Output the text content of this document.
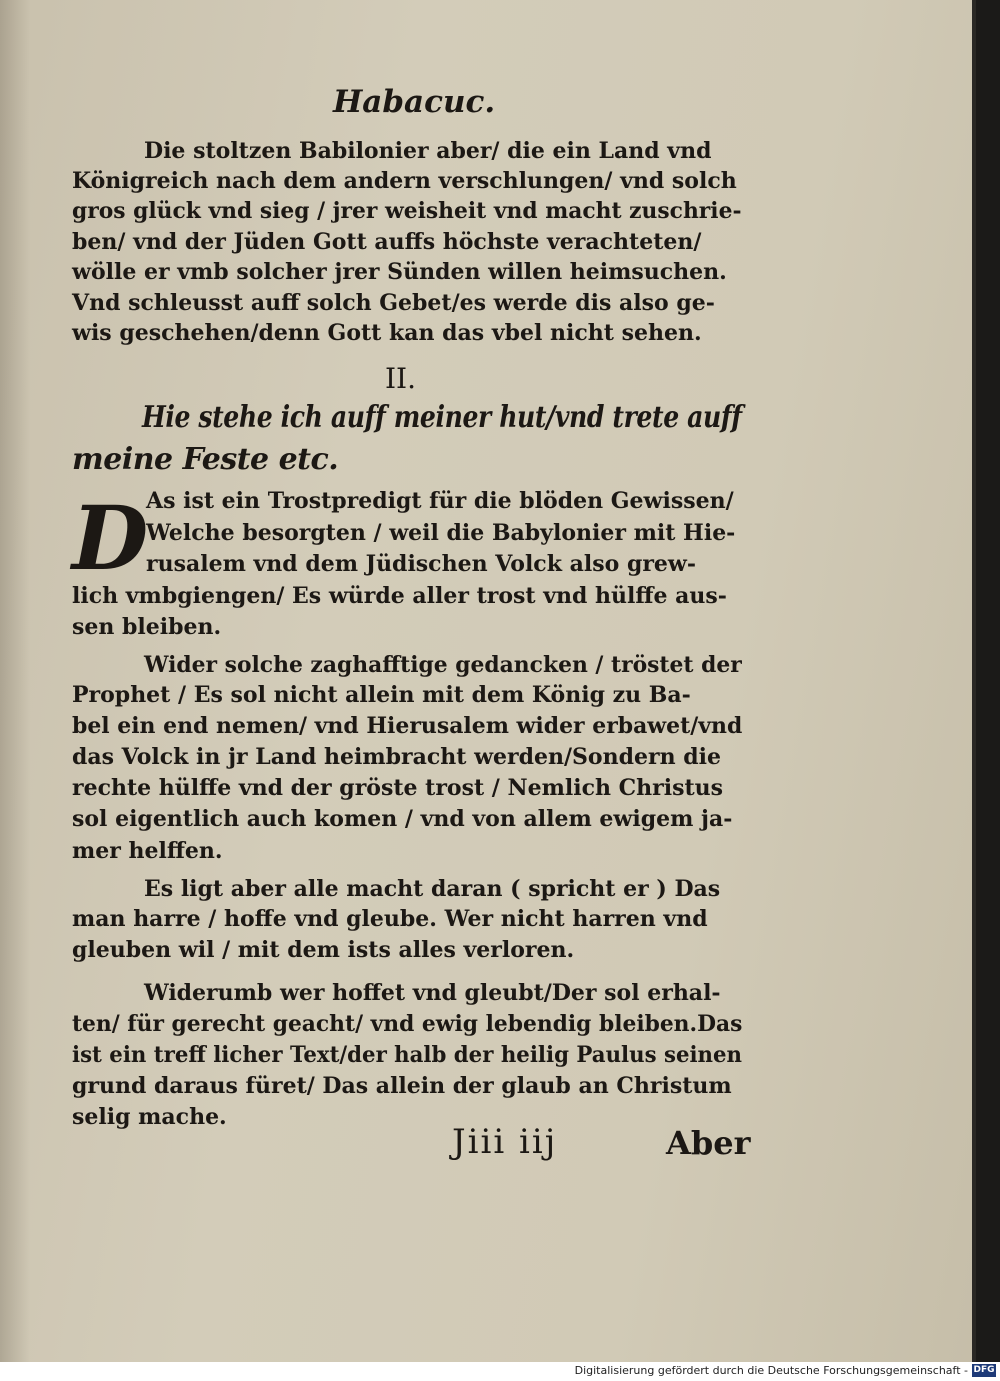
Habacuc.
Die stoltzen Babilonier aber/ die ein Land vnd
Königreich nach dem andern verschlungen/ vnd solch
gros glück vnd sieg / jrer weisheit vnd macht zuschrie-
ben/ vnd der Jüden Gott auffs höchste verachteten/
wölle er vmb solcher jrer Sünden willen heimsuchen.
Vnd schleusst auff solch Gebet/es werde dis also ge-
wis geschehen/denn Gott kan das vbel nicht sehen.
II.
Hie stehe ich auff meiner hut/vnd trete auff
meine Feste etc.
D
As ist ein Trostpredigt für die blöden Gewissen/
Welche besorgten / weil die Babylonier mit Hie-
rusalem vnd dem Jüdischen Volck also grew-
lich vmbgiengen/ Es würde aller trost vnd hülffe aus-
sen bleiben.
Wider solche zaghafftige gedancken / tröstet der
Prophet / Es sol nicht allein mit dem König zu Ba-
bel ein end nemen/ vnd Hierusalem wider erbawet/vnd
das Volck in jr Land heimbracht werden/Sondern die
rechte hülffe vnd der gröste trost / Nemlich Christus
sol eigentlich auch komen / vnd von allem ewigem ja-
mer helffen.
Es ligt aber alle macht daran ( spricht er ) Das
man harre / hoffe vnd gleube. Wer nicht harren vnd
gleuben wil / mit dem ists alles verloren.
Widerumb wer hoffet vnd gleubt/Der sol erhal-
ten/ für gerecht geacht/ vnd ewig lebendig bleiben.Das
ist ein treff licher Text/der halb der heilig Paulus seinen
grund daraus füret/ Das allein der glaub an Christum
selig mache.
Jiii iij	Aber
Digitalisierung gefördert durch die Deutsche Forschungsgemeinschaft - DFG
